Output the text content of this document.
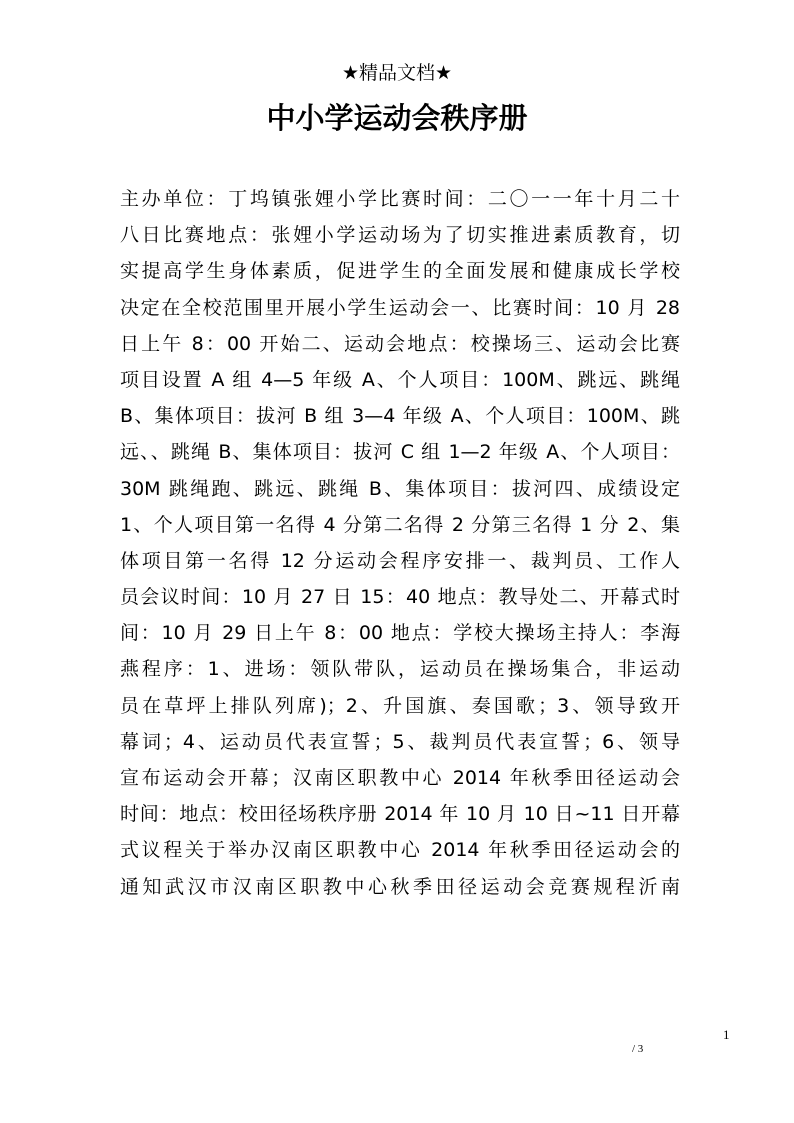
★精品文档★
中小学运动会秩序册
主办单位：丁坞镇张娌小学比赛时间：二〇一一年十月二十
八日比赛地点：张娌小学运动场为了切实推进素质教育，切
实提高学生身体素质，促进学生的全面发展和健康成长学校
决定在全校范围里开展小学生运动会一、比赛时间：10 月 28
日上午 8：00 开始二、运动会地点：校操场三、运动会比赛
项目设置 A 组 4—5 年级 A、个人项目：100M、跳远、跳绳
B、集体项目：拔河 B 组 3—4 年级 A、个人项目：100M、跳
远、、跳绳 B、集体项目：拔河 C 组 1—2 年级 A、个人项目：
30M 跳绳跑、跳远、跳绳 B、集体项目：拔河四、成绩设定
1、个人项目第一名得 4 分第二名得 2 分第三名得 1 分 2、集
体项目第一名得 12 分运动会程序安排一、裁判员、工作人
员会议时间：10 月 27 日 15：40 地点：教导处二、开幕式时
间：10 月 29 日上午 8：00 地点：学校大操场主持人：李海
燕程序：1、进场：领队带队，运动员在操场集合，非运动
员在草坪上排队列席)；2、升国旗、奏国歌；3、领导致开
幕词；4、运动员代表宣誓；5、裁判员代表宣誓；6、领导
宣布运动会开幕；汉南区职教中心 2014 年秋季田径运动会
时间：地点：校田径场秩序册 2014 年 10 月 10 日~11 日开幕
式议程关于举办汉南区职教中心 2014 年秋季田径运动会的
通知武汉市汉南区职教中心秋季田径运动会竞赛规程沂南
1
/ 3
